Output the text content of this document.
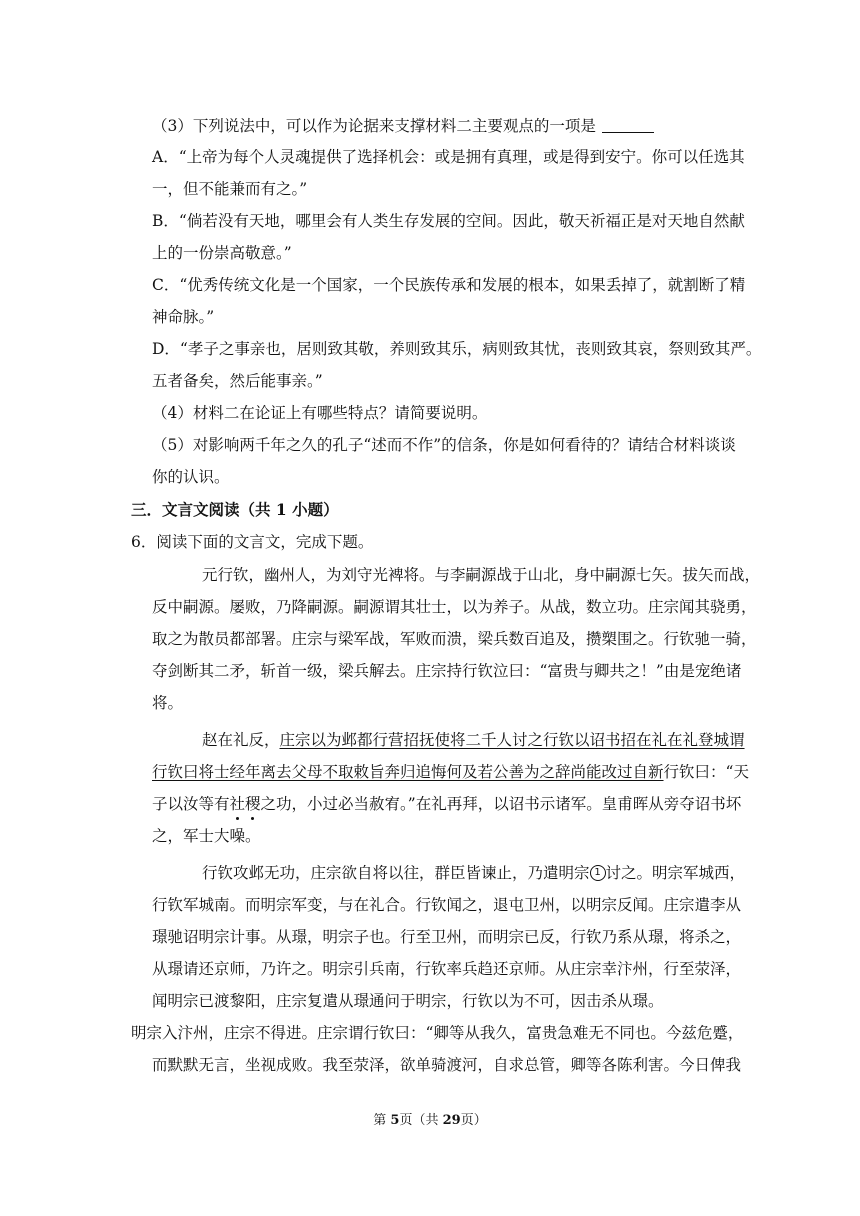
（3）下列说法中，可以作为论据来支撑材料二主要观点的一项是
A．“上帝为每个人灵魂提供了选择机会：或是拥有真理，或是得到安宁。你可以任选其
一，但不能兼而有之。”
B．“倘若没有天地，哪里会有人类生存发展的空间。因此，敬天祈福正是对天地自然献
上的一份崇高敬意。”
C．“优秀传统文化是一个国家，一个民族传承和发展的根本，如果丢掉了，就割断了精
神命脉。”
D．“孝子之事亲也，居则致其敬，养则致其乐，病则致其忧，丧则致其哀，祭则致其严。
五者备矣，然后能事亲。”
（4）材料二在论证上有哪些特点？请简要说明。
（5）对影响两千年之久的孔子“述而不作”的信条，你是如何看待的？请结合材料谈谈
你的认识。
三．文言文阅读（共 1 小题）
6．阅读下面的文言文，完成下题。
元行钦，幽州人，为刘守光裨将。与李嗣源战于山北，身中嗣源七矢。拔矢而战，
反中嗣源。屡败，乃降嗣源。嗣源谓其壮士，以为养子。从战，数立功。庄宗闻其骁勇，
取之为散员都部署。庄宗与梁军战，军败而溃，梁兵数百追及，攒槊围之。行钦驰一骑，
夺剑断其二矛，斩首一级，梁兵解去。庄宗持行钦泣曰：“富贵与卿共之！”由是宠绝诸
将。
赵在礼反，庄宗以为邺都行营招抚使将二千人讨之行钦以诏书招在礼在礼登城谓
行钦曰将士经年离去父母不取敕旨奔归追悔何及若公善为之辞尚能改过自新行钦曰：“天
子以汝等有社稷之功，小过必当赦宥。”在礼再拜，以诏书示诸军。皇甫晖从旁夺诏书坏
之，军士大噪。
行钦攻邺无功，庄宗欲自将以往，群臣皆谏止，乃遣明宗 1 讨之。明宗军城西，
行钦军城南。而明宗军变，与在礼合。行钦闻之，退屯卫州，以明宗反闻。庄宗遣李从
璟驰诏明宗计事。从璟，明宗子也。行至卫州，而明宗已反，行钦乃系从璟，将杀之，
从璟请还京师，乃许之。明宗引兵南，行钦率兵趋还京师。从庄宗幸汴州，行至荥泽，
闻明宗已渡黎阳，庄宗复遣从璟通问于明宗，行钦以为不可，因击杀从璟。
明宗入汴州，庄宗不得进。庄宗谓行钦曰：“卿等从我久，富贵急难无不同也。今兹危蹙，
而默默无言，坐视成败。我至荥泽，欲单骑渡河，自求总管，卿等各陈利害。今日俾我
第 5页（共 29页）
